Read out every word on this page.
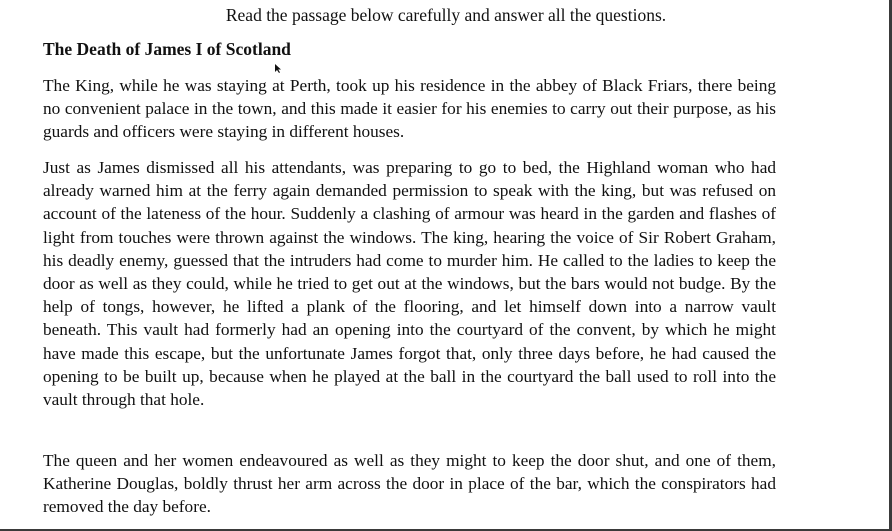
Read the passage below carefully and answer all the questions.

The Death of James I of Scotland

The King, while he was staying at Perth, took up his residence in the abbey of Black Friars, there being no convenient palace in the town, and this made it easier for his enemies to carry out their purpose, as his guards and officers were staying in different houses.

Just as James dismissed all his attendants, was preparing to go to bed, the Highland woman who had already warned him at the ferry again demanded permission to speak with the king, but was refused on account of the lateness of the hour. Suddenly a clashing of armour was heard in the garden and flashes of light from touches were thrown against the windows. The king, hearing the voice of Sir Robert Graham, his deadly enemy, guessed that the intruders had come to murder him. He called to the ladies to keep the door as well as they could, while he tried to get out at the windows, but the bars would not budge. By the help of tongs, however, he lifted a plank of the flooring, and let himself down into a narrow vault beneath. This vault had formerly had an opening into the courtyard of the convent, by which he might have made this escape, but the unfortunate James forgot that, only three days before, he had caused the opening to be built up, because when he played at the ball in the courtyard the ball used to roll into the vault through that hole.

The queen and her women endeavoured as well as they might to keep the door shut, and one of them, Katherine Douglas, boldly thrust her arm across the door in place of the bar, which the conspirators had removed the day before.
